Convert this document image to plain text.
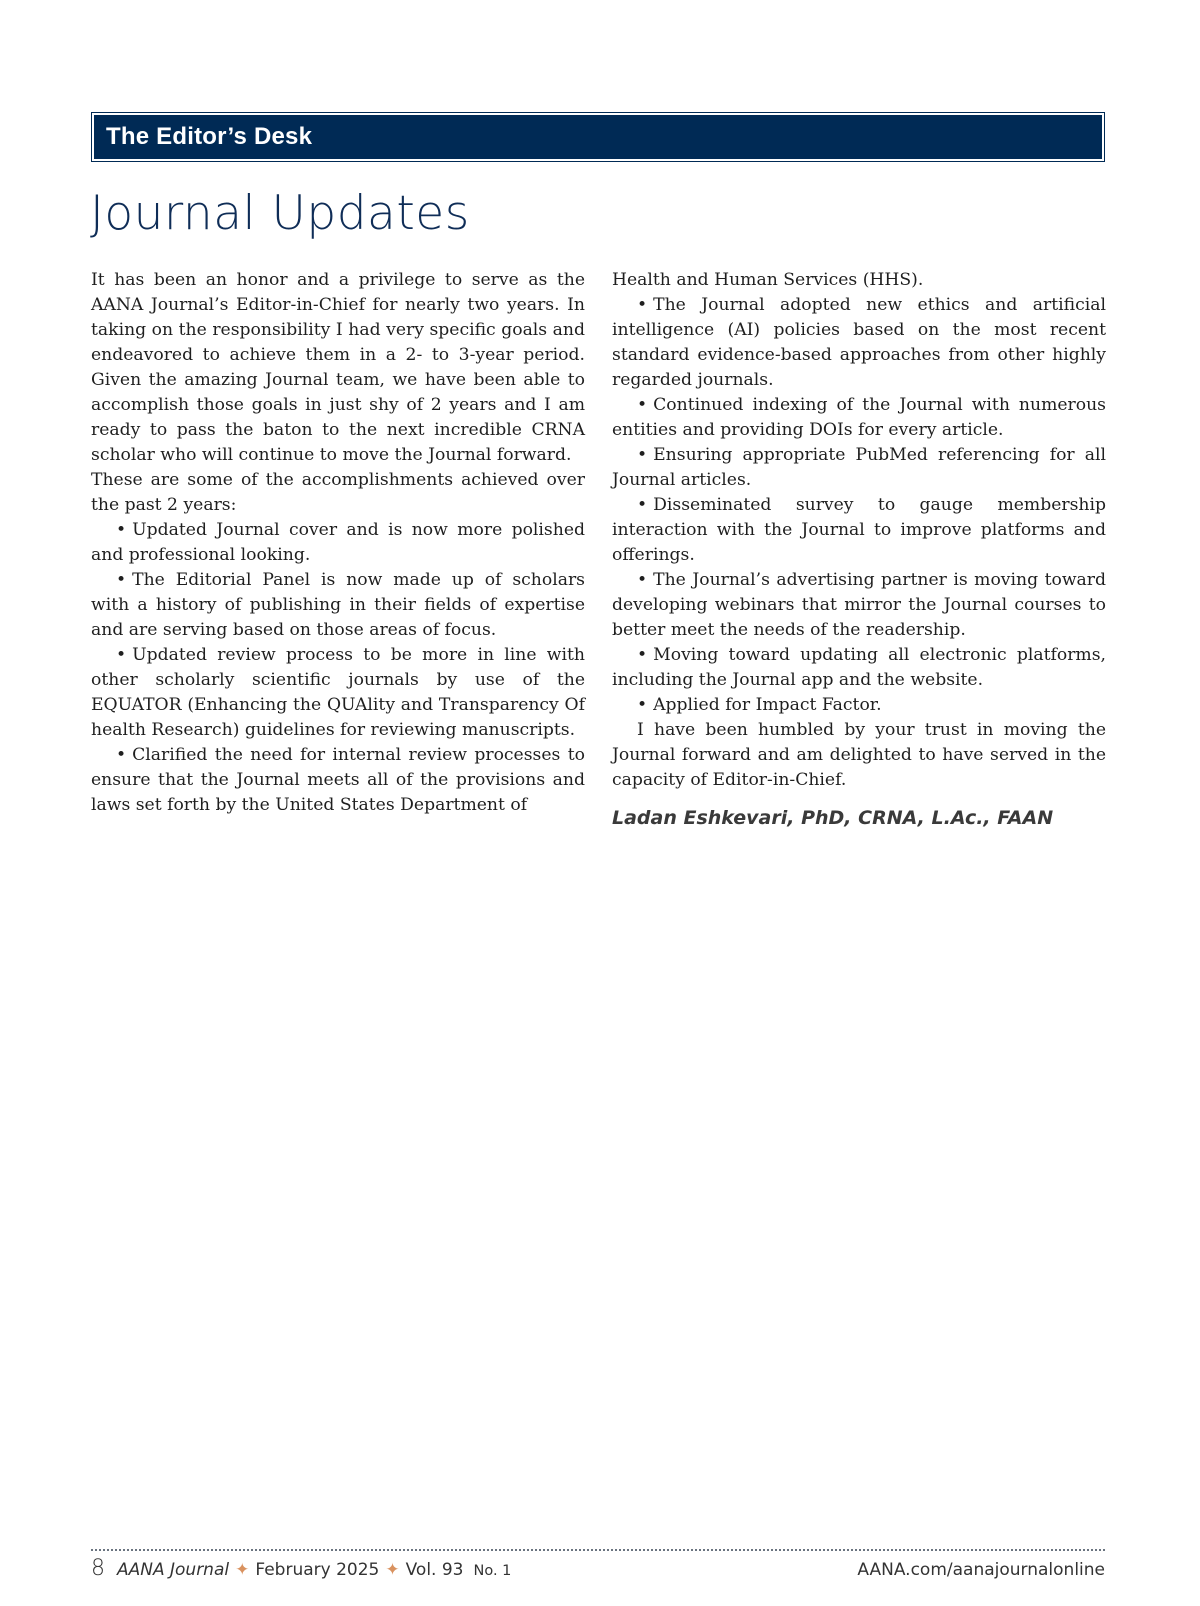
The Editor’s Desk
Journal Updates

It has been an honor and a privilege to serve as the AANA Journal’s Editor-in-Chief for nearly two years. In taking on the responsibility I had very specific goals and endeavored to achieve them in a 2- to 3-year period. Given the amazing Journal team, we have been able to accomplish those goals in just shy of 2 years and I am ready to pass the baton to the next incredible CRNA scholar who will continue to move the Journal forward.

These are some of the accomplishments achieved over the past 2 years:

• Updated Journal cover and is now more polished and professional looking.

• The Editorial Panel is now made up of scholars with a history of publishing in their fields of expertise and are serving based on those areas of focus.

• Updated review process to be more in line with other scholarly scientific journals by use of the EQUATOR (Enhancing the QUAlity and Transparency Of health Research) guidelines for reviewing manuscripts.

• Clarified the need for internal review processes to ensure that the Journal meets all of the provisions and laws set forth by the United States Department of

Health and Human Services (HHS).

• The Journal adopted new ethics and artificial intelligence (AI) policies based on the most recent standard evidence-based approaches from other highly regarded journals.

• Continued indexing of the Journal with numerous entities and providing DOIs for every article.

• Ensuring appropriate PubMed referencing for all Journal articles.

• Disseminated survey to gauge membership interaction with the Journal to improve platforms and offerings.

• The Journal’s advertising partner is moving toward developing webinars that mirror the Journal courses to better meet the needs of the readership.

• Moving toward updating all electronic platforms, including the Journal app and the website.

• Applied for Impact Factor.

I have been humbled by your trust in moving the Journal forward and am delighted to have served in the capacity of Editor-in-Chief.

Ladan Eshkevari, PhD, CRNA, L.Ac., FAAN
8 AANA Journal ✦ February 2025 ✦ Vol. 93 No. 1	AANA.com/aanajournalonline
